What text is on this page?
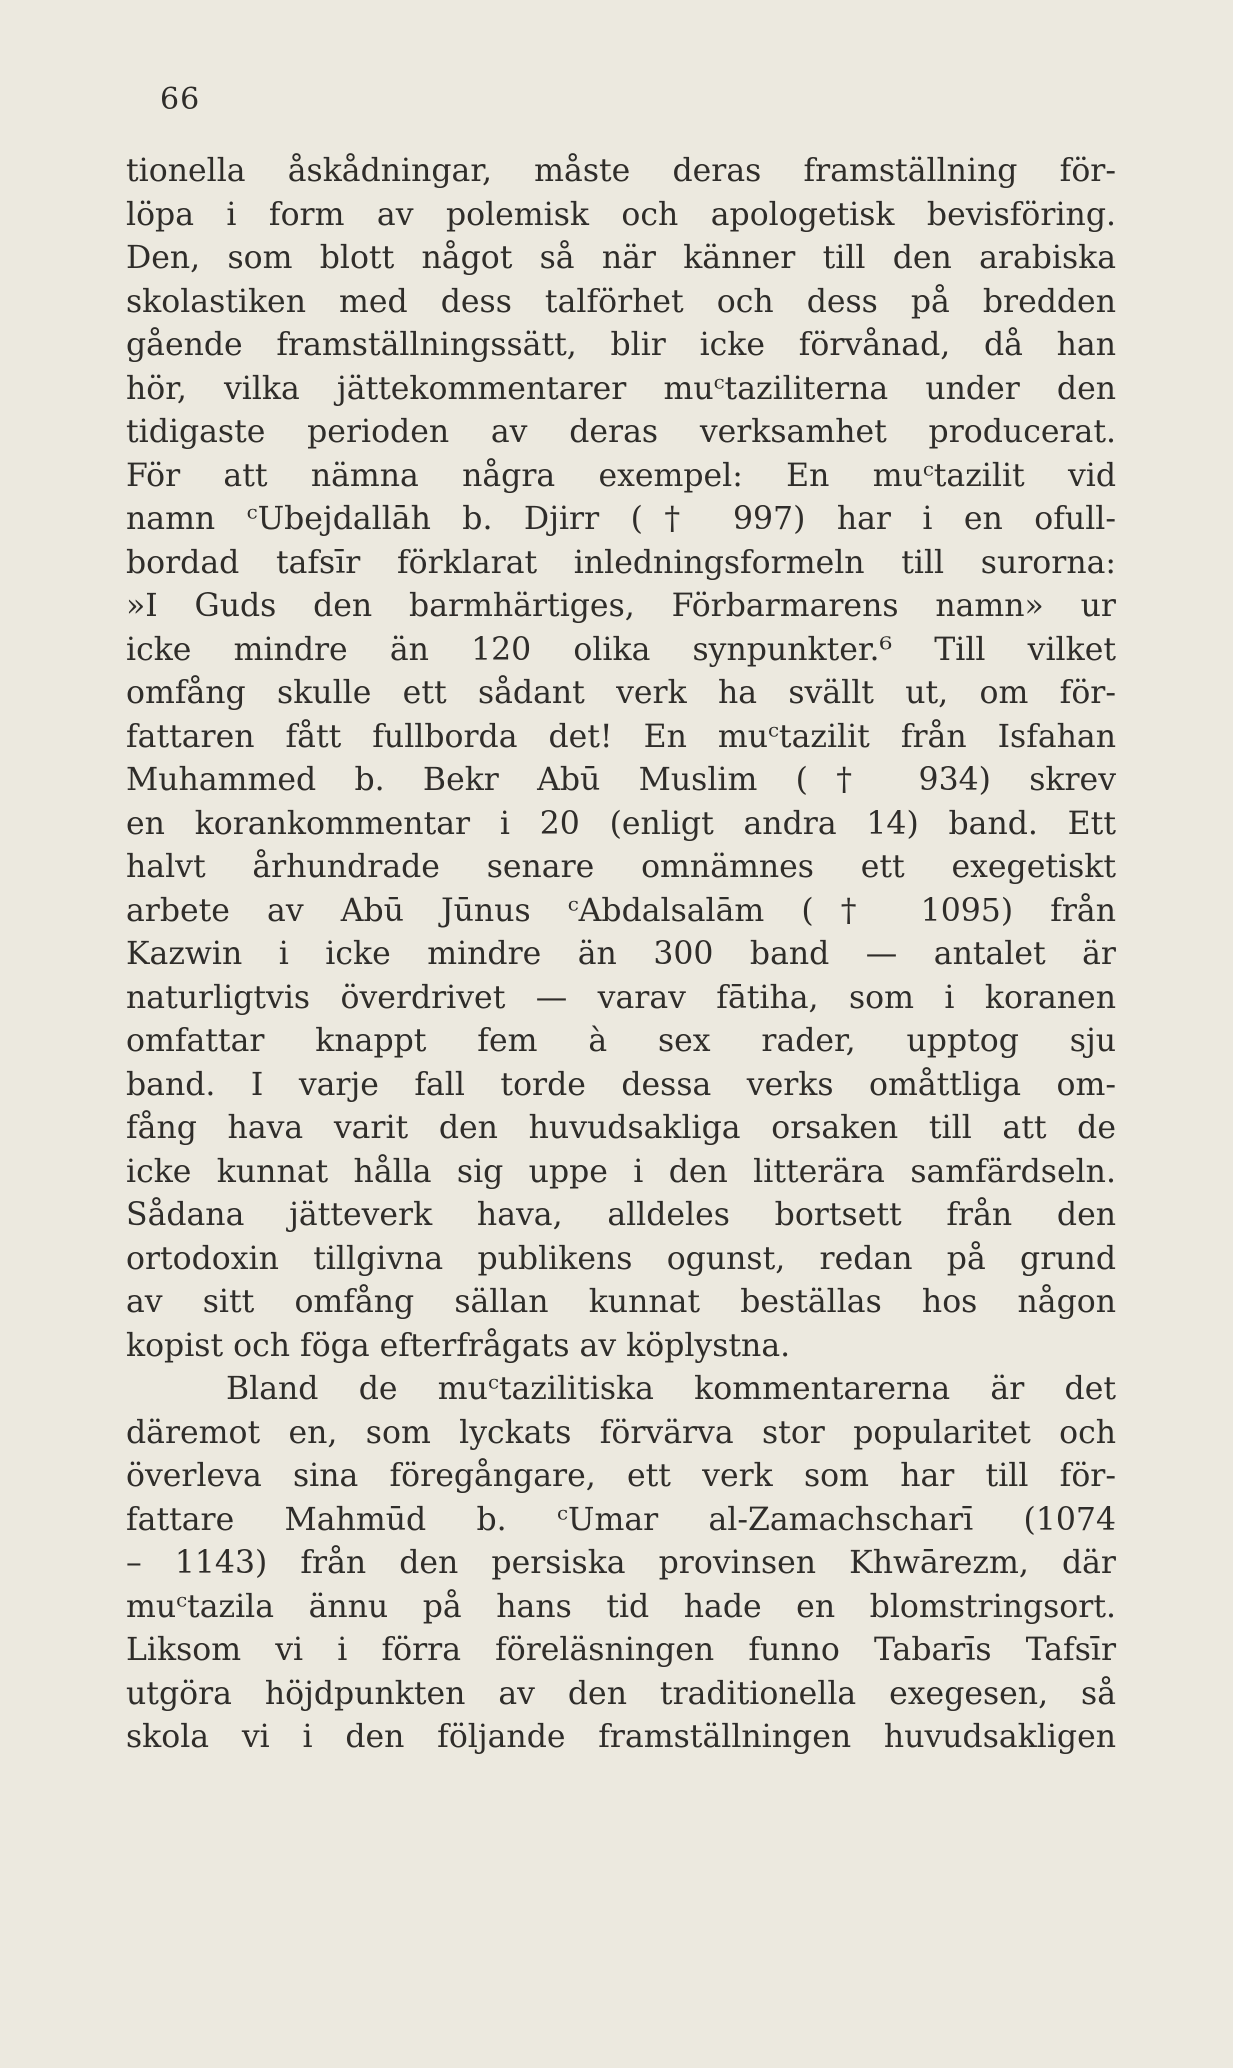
66
tionella åskådningar, måste deras framställning för-
löpa i form av polemisk och apologetisk bevisföring.
Den, som blott något så när känner till den arabiska
skolastiken med dess talförhet och dess på bredden
gående framställningssätt, blir icke förvånad, då han
hör, vilka jättekommentarer muᶜtaziliterna under den
tidigaste perioden av deras verksamhet producerat.
För att nämna några exempel: En muᶜtazilit vid
namn ᶜUbejdallāh b. Djirr († 997) har i en ofull-
bordad tafsīr förklarat inledningsformeln till surorna:
»I Guds den barmhärtiges, Förbarmarens namn» ur
icke mindre än 120 olika synpunkter.⁶ Till vilket
omfång skulle ett sådant verk ha svällt ut, om för-
fattaren fått fullborda det! En muᶜtazilit från Isfahan
Muhammed b. Bekr Abū Muslim († 934) skrev
en korankommentar i 20 (enligt andra 14) band. Ett
halvt århundrade senare omnämnes ett exegetiskt
arbete av Abū Jūnus ᶜAbdalsalām († 1095) från
Kazwin i icke mindre än 300 band — antalet är
naturligtvis överdrivet — varav fātiha, som i koranen
omfattar knappt fem à sex rader, upptog sju
band. I varje fall torde dessa verks omåttliga om-
fång hava varit den huvudsakliga orsaken till att de
icke kunnat hålla sig uppe i den litterära samfärdseln.
Sådana jätteverk hava, alldeles bortsett från den
ortodoxin tillgivna publikens ogunst, redan på grund
av sitt omfång sällan kunnat beställas hos någon
kopist och föga efterfrågats av köplystna.
Bland de muᶜtazilitiska kommentarerna är det
däremot en, som lyckats förvärva stor popularitet och
överleva sina föregångare, ett verk som har till för-
fattare Mahmūd b. ᶜUmar al-Zamachscharī (1074
– 1143) från den persiska provinsen Khwārezm, där
muᶜtazila ännu på hans tid hade en blomstringsort.
Liksom vi i förra föreläsningen funno Tabarīs Tafsīr
utgöra höjdpunkten av den traditionella exegesen, så
skola vi i den följande framställningen huvudsakligen
